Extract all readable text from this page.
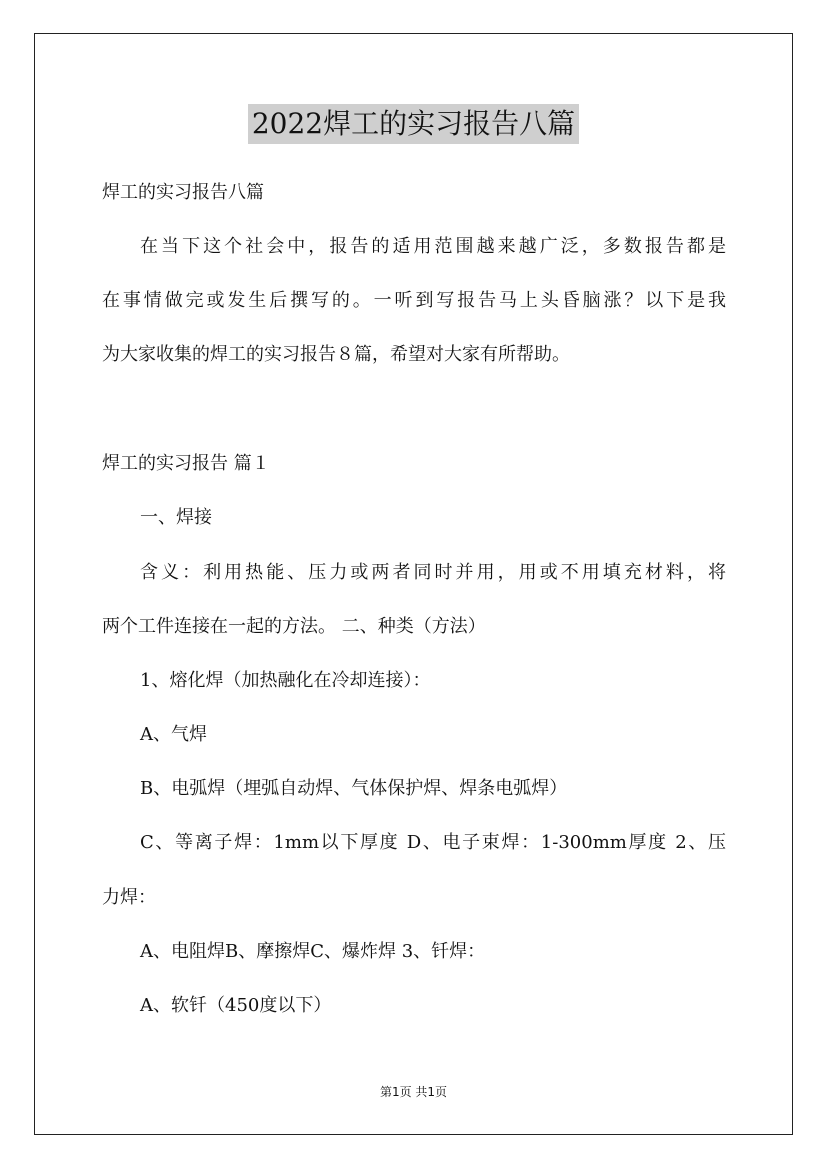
2022焊工的实习报告八篇
焊工的实习报告八篇
在当下这个社会中，报告的适用范围越来越广泛，多数报告都是
在事情做完或发生后撰写的。一听到写报告马上头昏脑涨？以下是我
为大家收集的焊工的实习报告８篇，希望对大家有所帮助。
焊工的实习报告 篇１
一、焊接
含义：利用热能、压力或两者同时并用，用或不用填充材料，将
两个工件连接在一起的方法。 二、种类（方法）
1、熔化焊（加热融化在冷却连接）：
A、气焊
B、电弧焊（埋弧自动焊、气体保护焊、焊条电弧焊）
C、等离子焊：1mm以下厚度 D、电子束焊：1-300mm厚度 2、压
力焊：
A、电阻焊B、摩擦焊C、爆炸焊 3、钎焊：
A、软钎（450度以下）
第1页 共1页
